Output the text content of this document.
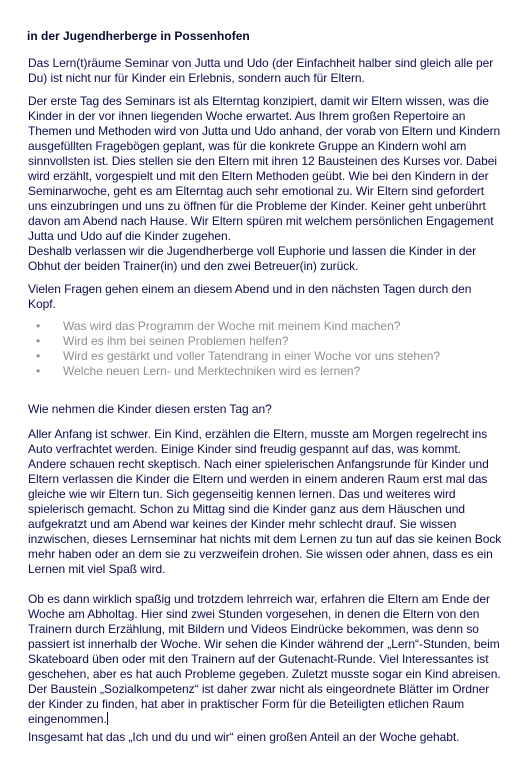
in der Jugendherberge in Possenhofen
Das Lern(t)räume Seminar von Jutta und Udo (der Einfachheit halber sind gleich alle per
Du) ist nicht nur für Kinder ein Erlebnis, sondern auch für Eltern.
Der erste Tag des Seminars ist als Elterntag konzipiert, damit wir Eltern wissen, was die
Kinder in der vor ihnen liegenden Woche erwartet. Aus Ihrem großen Repertoire an
Themen und Methoden wird von Jutta und Udo anhand, der vorab von Eltern und Kindern
ausgefüllten Fragebögen geplant, was für die konkrete Gruppe an Kindern wohl am
sinnvollsten ist. Dies stellen sie den Eltern mit ihren 12 Bausteinen des Kurses vor. Dabei
wird erzählt, vorgespielt und mit den Eltern Methoden geübt. Wie bei den Kindern in der
Seminarwoche, geht es am Elterntag auch sehr emotional zu. Wir Eltern sind gefordert
uns einzubringen und uns zu öffnen für die Probleme der Kinder. Keiner geht unberührt
davon am Abend nach Hause. Wir Eltern spüren mit welchem persönlichen Engagement
Jutta und Udo auf die Kinder zugehen.
Deshalb verlassen wir die Jugendherberge voll Euphorie und lassen die Kinder in der
Obhut der beiden Trainer(in) und den zwei Betreuer(in) zurück.
Vielen Fragen gehen einem an diesem Abend und in den nächsten Tagen durch den
Kopf.
•	Was wird das Programm der Woche mit meinem Kind machen?
•	Wird es ihm bei seinen Problemen helfen?
•	Wird es gestärkt und voller Tatendrang in einer Woche vor uns stehen?
•	Welche neuen Lern- und Merktechniken wird es lernen?
Wie nehmen die Kinder diesen ersten Tag an?
Aller Anfang ist schwer. Ein Kind, erzählen die Eltern, musste am Morgen regelrecht ins
Auto verfrachtet werden. Einige Kinder sind freudig gespannt auf das, was kommt.
Andere schauen recht skeptisch. Nach einer spielerischen Anfangsrunde für Kinder und
Eltern verlassen die Kinder die Eltern und werden in einem anderen Raum erst mal das
gleiche wie wir Eltern tun. Sich gegenseitig kennen lernen. Das und weiteres wird
spielerisch gemacht. Schon zu Mittag sind die Kinder ganz aus dem Häuschen und
aufgekratzt und am Abend war keines der Kinder mehr schlecht drauf. Sie wissen
inzwischen, dieses Lernseminar hat nichts mit dem Lernen zu tun auf das sie keinen Bock
mehr haben oder an dem sie zu verzweifein drohen. Sie wissen oder ahnen, dass es ein
Lernen mit viel Spaß wird.
Ob es dann wirklich spaßig und trotzdem lehrreich war, erfahren die Eltern am Ende der
Woche am Abholtag. Hier sind zwei Stunden vorgesehen, in denen die Eltern von den
Trainern durch Erzählung, mit Bildern und Videos Eindrücke bekommen, was denn so
passiert ist innerhalb der Woche. Wir sehen die Kinder während der „Lern“-Stunden, beim
Skateboard üben oder mit den Trainern auf der Gutenacht-Runde. Viel Interessantes ist
geschehen, aber es hat auch Probleme gegeben. Zuletzt musste sogar ein Kind abreisen.
Der Baustein „Sozialkompetenz“ ist daher zwar nicht als eingeordnete Blätter im Ordner
der Kinder zu finden, hat aber in praktischer Form für die Beteiligten etlichen Raum
eingenommen.
Insgesamt hat das „Ich und du und wir“ einen großen Anteil an der Woche gehabt.
